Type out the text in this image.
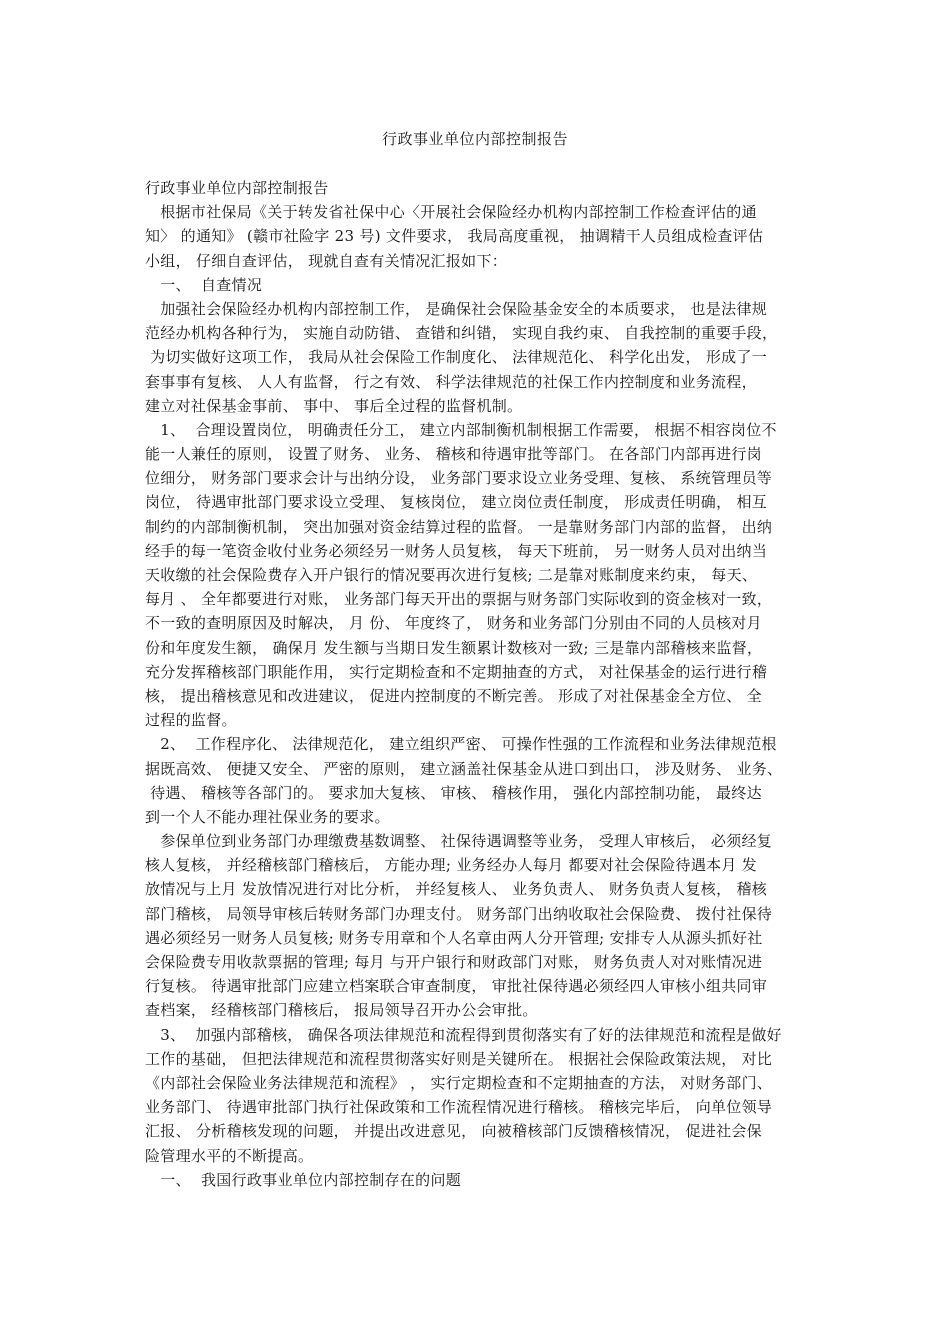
行政事业单位内部控制报告
行政事业单位内部控制报告
根据市社保局《关于转发省社保中心〈开展社会保险经办机构内部控制工作检查评估的通
知〉 的通知》 (赣市社险字 23 号) 文件要求， 我局高度重视， 抽调精干人员组成检查评估
小组， 仔细自查评估， 现就自查有关情况汇报如下：
一、  自查情况
加强社会保险经办机构内部控制工作， 是确保社会保险基金安全的本质要求， 也是法律规
范经办机构各种行为， 实施自动防错、 查错和纠错， 实现自我约束、 自我控制的重要手段，
为切实做好这项工作， 我局从社会保险工作制度化、 法律规范化、 科学化出发， 形成了一
套事事有复核、 人人有监督， 行之有效、 科学法律规范的社保工作内控制度和业务流程，
建立对社保基金事前、 事中、 事后全过程的监督机制。
1、  合理设置岗位， 明确责任分工， 建立内部制衡机制根据工作需要， 根据不相容岗位不
能一人兼任的原则， 设置了财务、 业务、 稽核和待遇审批等部门。 在各部门内部再进行岗
位细分， 财务部门要求会计与出纳分设， 业务部门要求设立业务受理、复核、 系统管理员等
岗位， 待遇审批部门要求设立受理、 复核岗位， 建立岗位责任制度， 形成责任明确， 相互
制约的内部制衡机制， 突出加强对资金结算过程的监督。 一是靠财务部门内部的监督， 出纳
经手的每一笔资金收付业务必须经另一财务人员复核， 每天下班前， 另一财务人员对出纳当
天收缴的社会保险费存入开户银行的情况要再次进行复核; 二是靠对账制度来约束， 每天、
每月 、 全年都要进行对账， 业务部门每天开出的票据与财务部门实际收到的资金核对一致，
不一致的查明原因及时解决， 月 份、 年度终了， 财务和业务部门分别由不同的人员核对月
份和年度发生额， 确保月 发生额与当期日发生额累计数核对一致; 三是靠内部稽核来监督，
充分发挥稽核部门职能作用， 实行定期检查和不定期抽查的方式， 对社保基金的运行进行稽
核， 提出稽核意见和改进建议， 促进内控制度的不断完善。 形成了对社保基金全方位、 全
过程的监督。
2、  工作程序化、 法律规范化， 建立组织严密、 可操作性强的工作流程和业务法律规范根
据既高效、 便捷又安全、 严密的原则， 建立涵盖社保基金从进口到出口， 涉及财务、 业务、
待遇、 稽核等各部门的。 要求加大复核、 审核、 稽核作用， 强化内部控制功能， 最终达
到一个人不能办理社保业务的要求。
参保单位到业务部门办理缴费基数调整、 社保待遇调整等业务， 受理人审核后， 必须经复
核人复核， 并经稽核部门稽核后， 方能办理; 业务经办人每月 都要对社会保险待遇本月 发
放情况与上月 发放情况进行对比分析， 并经复核人、 业务负责人、 财务负责人复核， 稽核
部门稽核， 局领导审核后转财务部门办理支付。 财务部门出纳收取社会保险费、 拨付社保待
遇必须经另一财务人员复核; 财务专用章和个人名章由两人分开管理; 安排专人从源头抓好社
会保险费专用收款票据的管理; 每月 与开户银行和财政部门对账， 财务负责人对对账情况进
行复核。 待遇审批部门应建立档案联合审查制度， 审批社保待遇必须经四人审核小组共同审
查档案， 经稽核部门稽核后， 报局领导召开办公会审批。
3、  加强内部稽核， 确保各项法律规范和流程得到贯彻落实有了好的法律规范和流程是做好
工作的基础， 但把法律规范和流程贯彻落实好则是关键所在。 根据社会保险政策法规， 对比
《内部社会保险业务法律规范和流程》 ， 实行定期检查和不定期抽查的方法， 对财务部门、
业务部门、 待遇审批部门执行社保政策和工作流程情况进行稽核。 稽核完毕后， 向单位领导
汇报、 分析稽核发现的问题， 并提出改进意见， 向被稽核部门反馈稽核情况， 促进社会保
险管理水平的不断提高。
一、  我国行政事业单位内部控制存在的问题
